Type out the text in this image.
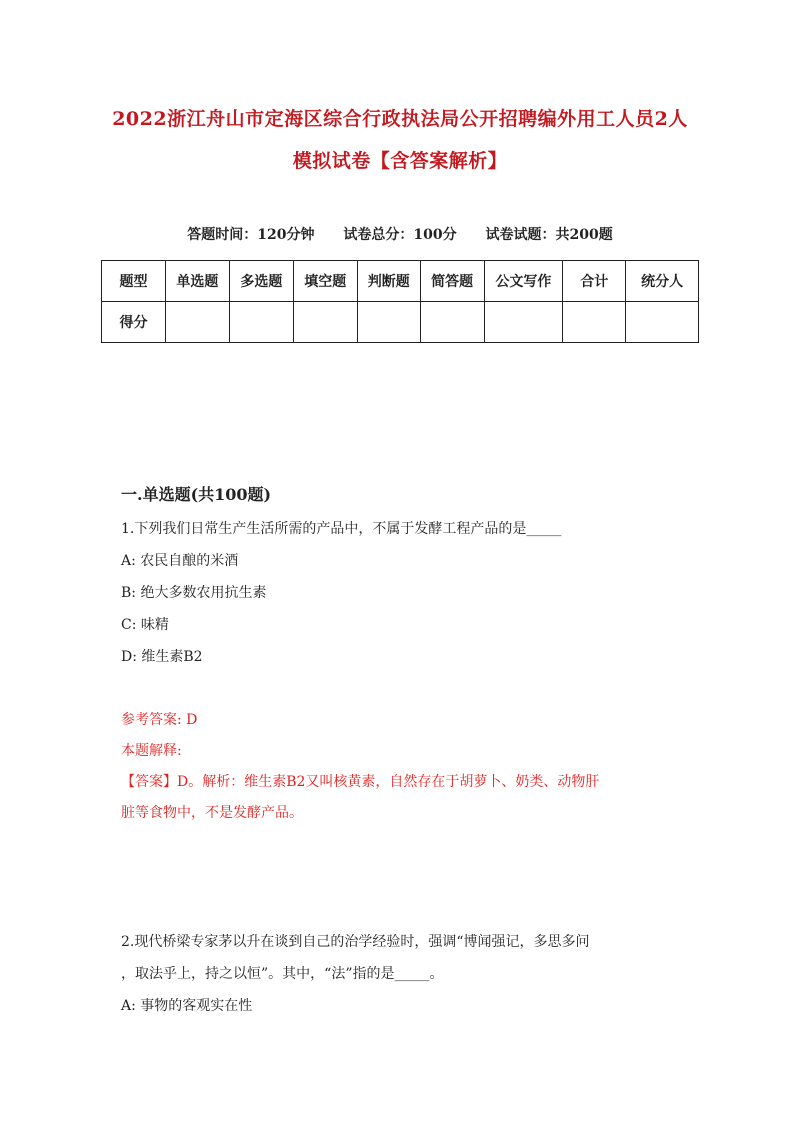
2022浙江舟山市定海区综合行政执法局公开招聘编外用工人员2人
模拟试卷【含答案解析】
答题时间：120分钟 试卷总分：100分 试卷试题：共200题
题型	单选题	多选题	填空题	判断题	简答题	公文写作	合计	统分人
得分								
一.单选题(共100题)
1.下列我们日常生产生活所需的产品中，不属于发酵工程产品的是_____
A: 农民自酿的米酒
B: 绝大多数农用抗生素
C: 味精
D: 维生素B2
参考答案: D
本题解释:
【答案】D。解析：维生素B2又叫核黄素，自然存在于胡萝卜、奶类、动物肝
脏等食物中，不是发酵产品。
2.现代桥梁专家茅以升在谈到自己的治学经验时，强调“博闻强记，多思多问
，取法乎上，持之以恒”。其中，“法”指的是_____。
A: 事物的客观实在性
